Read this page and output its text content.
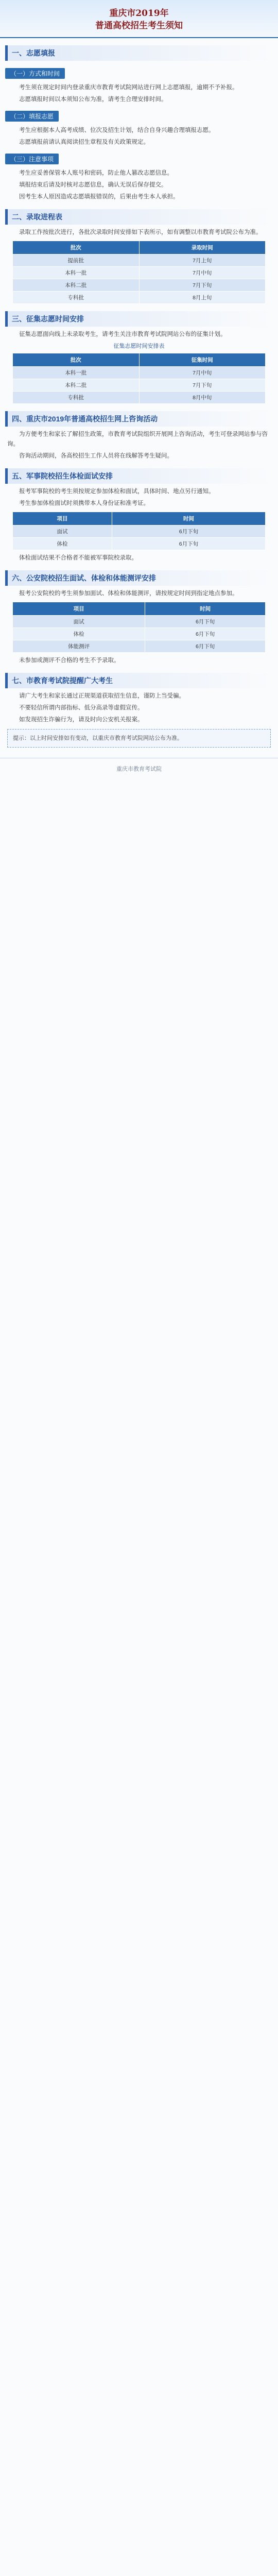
重庆市2019年
普通高校招生考生须知
一、志愿填报
（一）方式和时间

考生须在规定时间内登录重庆市教育考试院网站进行网上志愿填报，逾期不予补报。

志愿填报时间以本须知公布为准，请考生合理安排时间。

（二）填报志愿

考生应根据本人高考成绩、位次及招生计划，结合自身兴趣合理填报志愿。

志愿填报前请认真阅读招生章程及有关政策规定。

（三）注意事项

考生应妥善保管本人账号和密码，防止他人篡改志愿信息。

填报结束后请及时核对志愿信息，确认无误后保存提交。

因考生本人原因造成志愿填报错误的，后果由考生本人承担。

二、录取进程表

录取工作按批次进行，各批次录取时间安排如下表所示，如有调整以市教育考试院公布为准。

批次	录取时间
提前批	7月上旬
本科一批	7月中旬
本科二批	7月下旬
专科批	8月上旬
三、征集志愿时间安排

征集志愿面向线上未录取考生，请考生关注市教育考试院网站公布的征集计划。

征集志愿时间安排表
批次	征集时间
本科一批	7月中旬
本科二批	7月下旬
专科批	8月中旬
四、重庆市2019年普通高校招生网上咨询活动

为方便考生和家长了解招生政策，市教育考试院组织开展网上咨询活动，考生可登录网站参与咨询。

咨询活动期间，各高校招生工作人员将在线解答考生疑问。

五、军事院校招生体检面试安排

报考军事院校的考生须按规定参加体检和面试，具体时间、地点另行通知。

考生参加体检面试时须携带本人身份证和准考证。

项目	时间
面试	6月下旬
体检	6月下旬

体检面试结果不合格者不能被军事院校录取。

六、公安院校招生面试、体检和体能测评安排

报考公安院校的考生须参加面试、体检和体能测评，请按规定时间到指定地点参加。

项目	时间
面试	6月下旬
体检	6月下旬
体能测评	6月下旬

未参加或测评不合格的考生不予录取。

七、市教育考试院提醒广大考生

请广大考生和家长通过正规渠道获取招生信息，谨防上当受骗。

不要轻信所谓内部指标、低分高录等虚假宣传。

如发现招生诈骗行为，请及时向公安机关报案。

提示：以上时间安排如有变动，以重庆市教育考试院网站公布为准。
重庆市教育考试院
